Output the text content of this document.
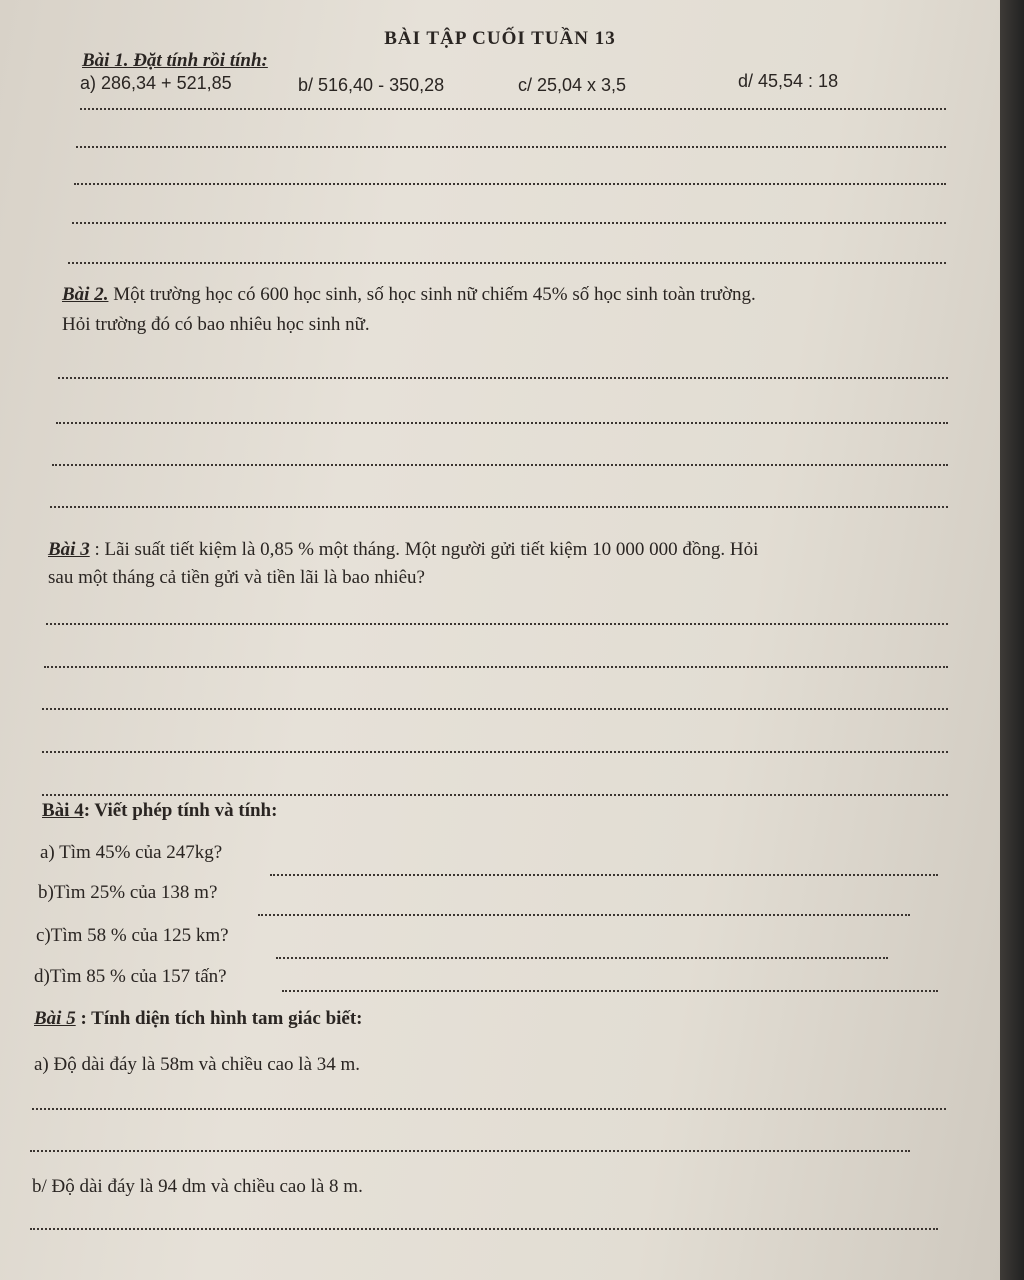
BÀI TẬP CUỐI TUẦN 13
Bài 1. Đặt tính rồi tính:
a) 286,34 + 521,85	b/ 516,40 - 350,28	c/ 25,04 x 3,5	d/ 45,54 : 18
Bài 2. Một trường học có 600 học sinh, số học sinh nữ chiếm 45% số học sinh toàn trường.
Hỏi trường đó có bao nhiêu học sinh nữ.
Bài 3 : Lãi suất tiết kiệm là 0,85 % một tháng. Một người gửi tiết kiệm 10 000 000 đồng. Hỏi
sau một tháng cả tiền gửi và tiền lãi là bao nhiêu?
Bài 4: Viết phép tính và tính:
a) Tìm 45% của 247kg?
b)Tìm 25% của 138 m?
c)Tìm 58 % của 125 km?
d)Tìm 85 % của 157 tấn?
Bài 5 : Tính diện tích hình tam giác biết:
a) Độ dài đáy là 58m và chiều cao là 34 m.
b/ Độ dài đáy là 94 dm và chiều cao là 8 m.
